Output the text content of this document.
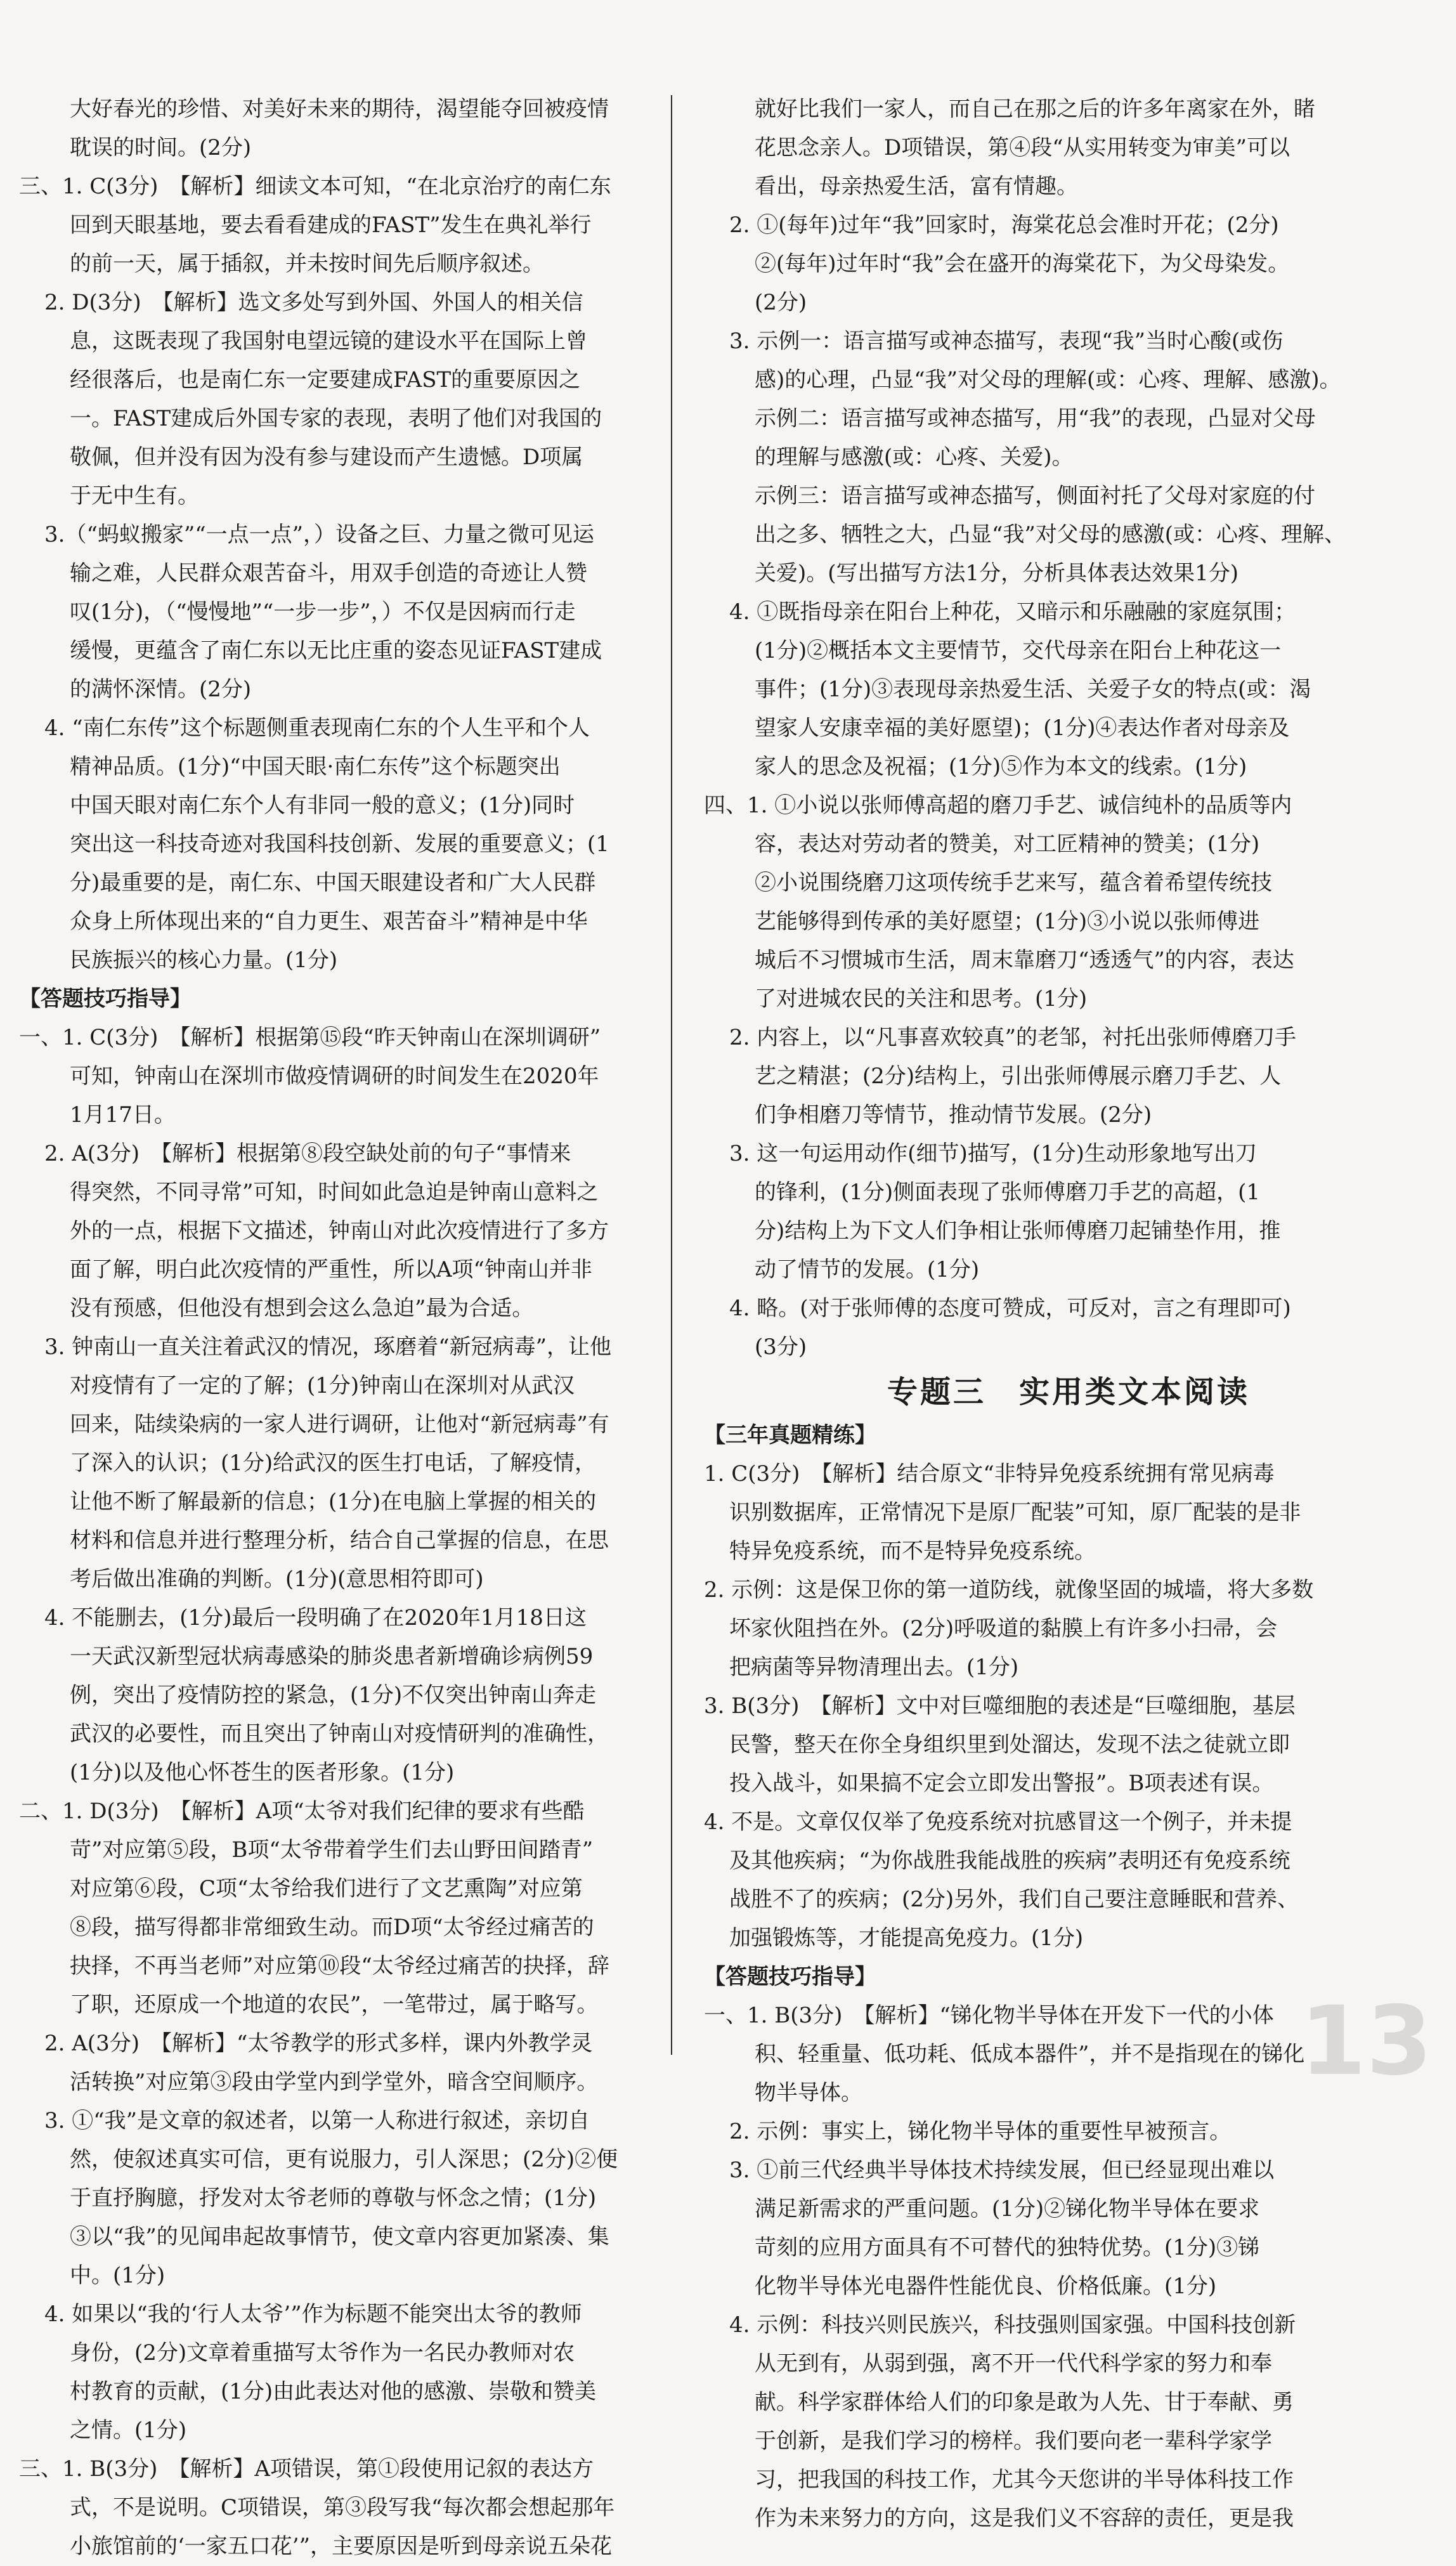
大好春光的珍惜、对美好未来的期待，渴望能夺回被疫情
耽误的时间。(2分)
三、1. C(3分)　【解析】细读文本可知，“在北京治疗的南仁东
回到天眼基地，要去看看建成的FAST”发生在典礼举行
的前一天，属于插叙，并未按时间先后顺序叙述。
2. D(3分)　【解析】选文多处写到外国、外国人的相关信
息，这既表现了我国射电望远镜的建设水平在国际上曾
经很落后，也是南仁东一定要建成FAST的重要原因之
一。FAST建成后外国专家的表现，表明了他们对我国的
敬佩，但并没有因为没有参与建设而产生遗憾。D项属
于无中生有。
3.（“蚂蚁搬家”“一点一点”，）设备之巨、力量之微可见运
输之难，人民群众艰苦奋斗，用双手创造的奇迹让人赞
叹(1分)，（“慢慢地”“一步一步”，）不仅是因病而行走
缓慢，更蕴含了南仁东以无比庄重的姿态见证FAST建成
的满怀深情。(2分)
4. “南仁东传”这个标题侧重表现南仁东的个人生平和个人
精神品质。(1分)“中国天眼·南仁东传”这个标题突出
中国天眼对南仁东个人有非同一般的意义；(1分)同时
突出这一科技奇迹对我国科技创新、发展的重要意义；(1
分)最重要的是，南仁东、中国天眼建设者和广大人民群
众身上所体现出来的“自力更生、艰苦奋斗”精神是中华
民族振兴的核心力量。(1分)
【答题技巧指导】
一、1. C(3分)　【解析】根据第⑮段“昨天钟南山在深圳调研”
可知，钟南山在深圳市做疫情调研的时间发生在2020年
1月17日。
2. A(3分)　【解析】根据第⑧段空缺处前的句子“事情来
得突然，不同寻常”可知，时间如此急迫是钟南山意料之
外的一点，根据下文描述，钟南山对此次疫情进行了多方
面了解，明白此次疫情的严重性，所以A项“钟南山并非
没有预感，但他没有想到会这么急迫”最为合适。
3. 钟南山一直关注着武汉的情况，琢磨着“新冠病毒”，让他
对疫情有了一定的了解；(1分)钟南山在深圳对从武汉
回来，陆续染病的一家人进行调研，让他对“新冠病毒”有
了深入的认识；(1分)给武汉的医生打电话，了解疫情，
让他不断了解最新的信息；(1分)在电脑上掌握的相关的
材料和信息并进行整理分析，结合自己掌握的信息，在思
考后做出准确的判断。(1分)(意思相符即可)
4. 不能删去，(1分)最后一段明确了在2020年1月18日这
一天武汉新型冠状病毒感染的肺炎患者新增确诊病例59
例，突出了疫情防控的紧急，(1分)不仅突出钟南山奔走
武汉的必要性，而且突出了钟南山对疫情研判的准确性，
(1分)以及他心怀苍生的医者形象。(1分)
二、1. D(3分)　【解析】A项“太爷对我们纪律的要求有些酷
苛”对应第⑤段，B项“太爷带着学生们去山野田间踏青”
对应第⑥段，C项“太爷给我们进行了文艺熏陶”对应第
⑧段，描写得都非常细致生动。而D项“太爷经过痛苦的
抉择，不再当老师”对应第⑩段“太爷经过痛苦的抉择，辞
了职，还原成一个地道的农民”，一笔带过，属于略写。
2. A(3分)　【解析】“太爷教学的形式多样，课内外教学灵
活转换”对应第③段由学堂内到学堂外，暗含空间顺序。
3. ①“我”是文章的叙述者，以第一人称进行叙述，亲切自
然，使叙述真实可信，更有说服力，引人深思；(2分)②便
于直抒胸臆，抒发对太爷老师的尊敬与怀念之情；(1分)
③以“我”的见闻串起故事情节，使文章内容更加紧凑、集
中。(1分)
4. 如果以“我的‘行人太爷’”作为标题不能突出太爷的教师
身份，(2分)文章着重描写太爷作为一名民办教师对农
村教育的贡献，(1分)由此表达对他的感激、崇敬和赞美
之情。(1分)
三、1. B(3分)　【解析】A项错误，第①段使用记叙的表达方
式，不是说明。C项错误，第③段写我“每次都会想起那年
小旅馆前的‘一家五口花’”，主要原因是听到母亲说五朵花
就好比我们一家人，而自己在那之后的许多年离家在外，睹
花思念亲人。D项错误，第④段“从实用转变为审美”可以
看出，母亲热爱生活，富有情趣。
2. ①(每年)过年“我”回家时，海棠花总会准时开花；(2分)
②(每年)过年时“我”会在盛开的海棠花下，为父母染发。
(2分)
3. 示例一：语言描写或神态描写，表现“我”当时心酸(或伤
感)的心理，凸显“我”对父母的理解(或：心疼、理解、感激)。
示例二：语言描写或神态描写，用“我”的表现，凸显对父母
的理解与感激(或：心疼、关爱)。
示例三：语言描写或神态描写，侧面衬托了父母对家庭的付
出之多、牺牲之大，凸显“我”对父母的感激(或：心疼、理解、
关爱)。(写出描写方法1分，分析具体表达效果1分)
4. ①既指母亲在阳台上种花，又暗示和乐融融的家庭氛围；
(1分)②概括本文主要情节，交代母亲在阳台上种花这一
事件；(1分)③表现母亲热爱生活、关爱子女的特点(或：渴
望家人安康幸福的美好愿望)；(1分)④表达作者对母亲及
家人的思念及祝福；(1分)⑤作为本文的线索。(1分)
四、1. ①小说以张师傅高超的磨刀手艺、诚信纯朴的品质等内
容，表达对劳动者的赞美，对工匠精神的赞美；(1分)
②小说围绕磨刀这项传统手艺来写，蕴含着希望传统技
艺能够得到传承的美好愿望；(1分)③小说以张师傅进
城后不习惯城市生活，周末靠磨刀“透透气”的内容，表达
了对进城农民的关注和思考。(1分)
2. 内容上，以“凡事喜欢较真”的老邹，衬托出张师傅磨刀手
艺之精湛；(2分)结构上，引出张师傅展示磨刀手艺、人
们争相磨刀等情节，推动情节发展。(2分)
3. 这一句运用动作(细节)描写，(1分)生动形象地写出刀
的锋利，(1分)侧面表现了张师傅磨刀手艺的高超，(1
分)结构上为下文人们争相让张师傅磨刀起铺垫作用，推
动了情节的发展。(1分)
4. 略。(对于张师傅的态度可赞成，可反对，言之有理即可)
(3分)
专题三　实用类文本阅读
【三年真题精练】
1. C(3分)　【解析】结合原文“非特异免疫系统拥有常见病毒
识别数据库，正常情况下是原厂配装”可知，原厂配装的是非
特异免疫系统，而不是特异免疫系统。
2. 示例：这是保卫你的第一道防线，就像坚固的城墙，将大多数
坏家伙阻挡在外。(2分)呼吸道的黏膜上有许多小扫帚，会
把病菌等异物清理出去。(1分)
3. B(3分)　【解析】文中对巨噬细胞的表述是“巨噬细胞，基层
民警，整天在你全身组织里到处溜达，发现不法之徒就立即
投入战斗，如果搞不定会立即发出警报”。B项表述有误。
4. 不是。文章仅仅举了免疫系统对抗感冒这一个例子，并未提
及其他疾病；“为你战胜我能战胜的疾病”表明还有免疫系统
战胜不了的疾病；(2分)另外，我们自己要注意睡眠和营养、
加强锻炼等，才能提高免疫力。(1分)
【答题技巧指导】
一、1. B(3分)　【解析】“锑化物半导体在开发下一代的小体
积、轻重量、低功耗、低成本器件”，并不是指现在的锑化
物半导体。
2. 示例：事实上，锑化物半导体的重要性早被预言。
3. ①前三代经典半导体技术持续发展，但已经显现出难以
满足新需求的严重问题。(1分)②锑化物半导体在要求
苛刻的应用方面具有不可替代的独特优势。(1分)③锑
化物半导体光电器件性能优良、价格低廉。(1分)
4. 示例：科技兴则民族兴，科技强则国家强。中国科技创新
从无到有，从弱到强，离不开一代代科学家的努力和奉
献。科学家群体给人们的印象是敢为人先、甘于奉献、勇
于创新，是我们学习的榜样。我们要向老一辈科学家学
习，把我国的科技工作，尤其今天您讲的半导体科技工作
作为未来努力的方向，这是我们义不容辞的责任，更是我
13
